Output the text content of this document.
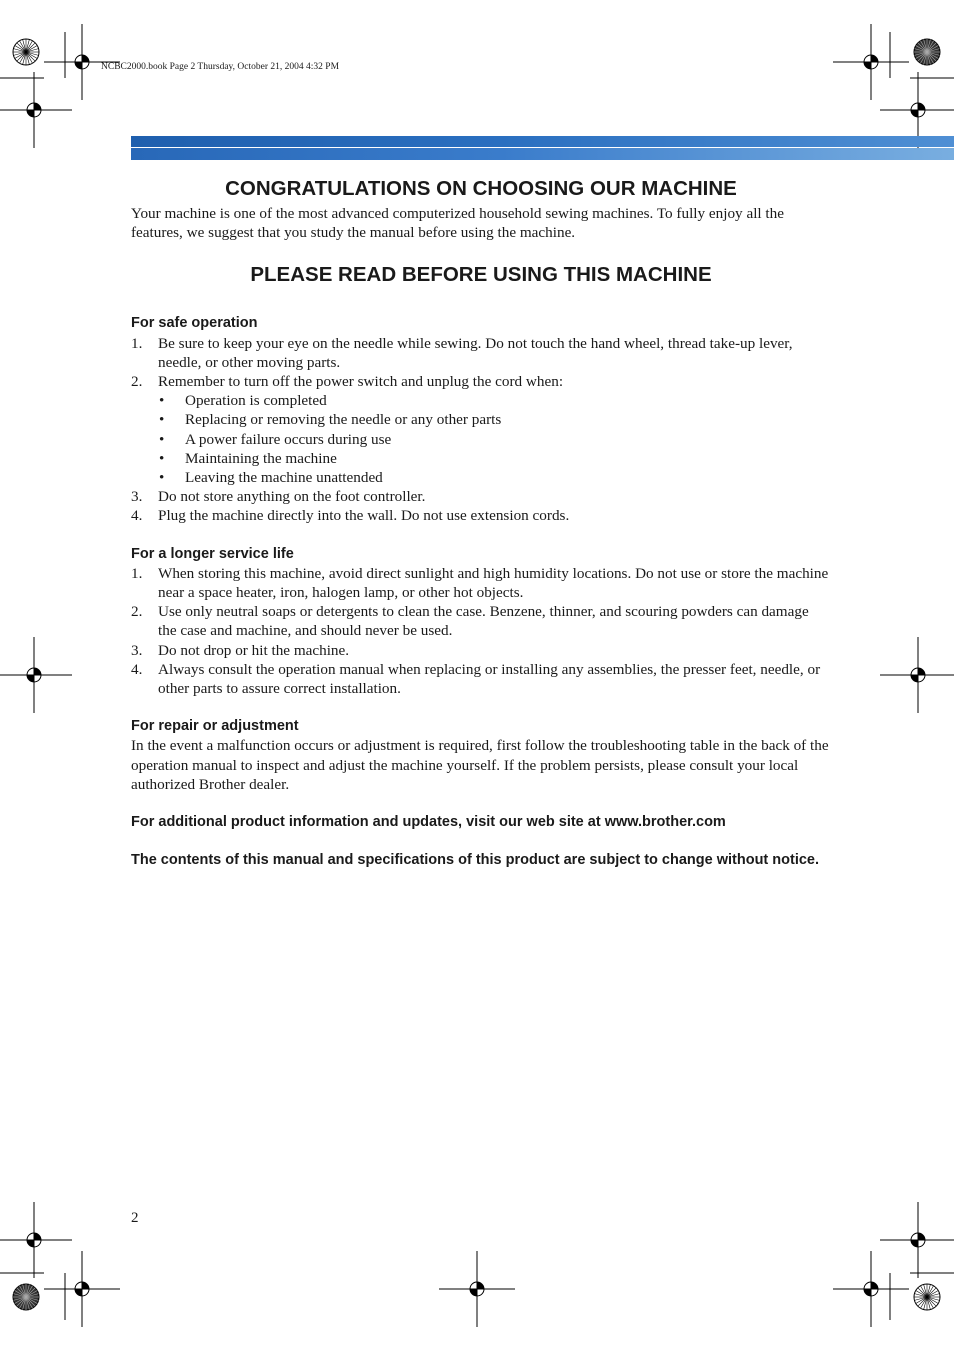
NCBC2000.book Page 2 Thursday, October 21, 2004 4:32 PM
CONGRATULATIONS ON CHOOSING OUR MACHINE

Your machine is one of the most advanced computerized household sewing machines. To fully enjoy all the features, we suggest that you study the manual before using the machine.

PLEASE READ BEFORE USING THIS MACHINE

For safe operation

1. Be sure to keep your eye on the needle while sewing. Do not touch the hand wheel, thread take-up lever, needle, or other moving parts.
2. Remember to turn off the power switch and unplug the cord when:
• Operation is completed
• Replacing or removing the needle or any other parts
• A power failure occurs during use
• Maintaining the machine
• Leaving the machine unattended
3. Do not store anything on the foot controller.
4. Plug the machine directly into the wall. Do not use extension cords.

For a longer service life

1. When storing this machine, avoid direct sunlight and high humidity locations. Do not use or store the machine near a space heater, iron, halogen lamp, or other hot objects.
2. Use only neutral soaps or detergents to clean the case. Benzene, thinner, and scouring powders can damage the case and machine, and should never be used.
3. Do not drop or hit the machine.
4. Always consult the operation manual when replacing or installing any assemblies, the presser feet, needle, or other parts to assure correct installation.

For repair or adjustment

In the event a malfunction occurs or adjustment is required, first follow the troubleshooting table in the back of the operation manual to inspect and adjust the machine yourself. If the problem persists, please consult your local authorized Brother dealer.

For additional product information and updates, visit our web site at www.brother.com

The contents of this manual and specifications of this product are subject to change without notice.

2
